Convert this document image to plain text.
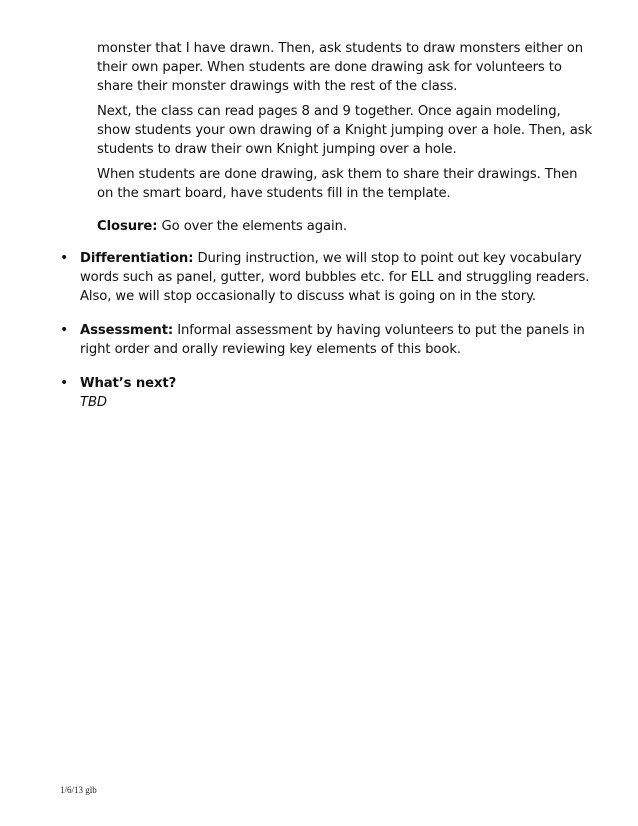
monster that I have drawn. Then, ask students to draw monsters either on their own paper. When students are done drawing ask for volunteers to share their monster drawings with the rest of the class.

Next, the class can read pages 8 and 9 together. Once again modeling, show students your own drawing of a Knight jumping over a hole. Then, ask students to draw their own Knight jumping over a hole.

When students are done drawing, ask them to share their drawings. Then on the smart board, have students fill in the template.

Closure: Go over the elements again.

• Differentiation: During instruction, we will stop to point out key vocabulary words such as panel, gutter, word bubbles etc. for ELL and struggling readers. Also, we will stop occasionally to discuss what is going on in the story.
• Assessment: Informal assessment by having volunteers to put the panels in right order and orally reviewing key elements of this book.
• What’s next?
TBD
1/6/13 glb
